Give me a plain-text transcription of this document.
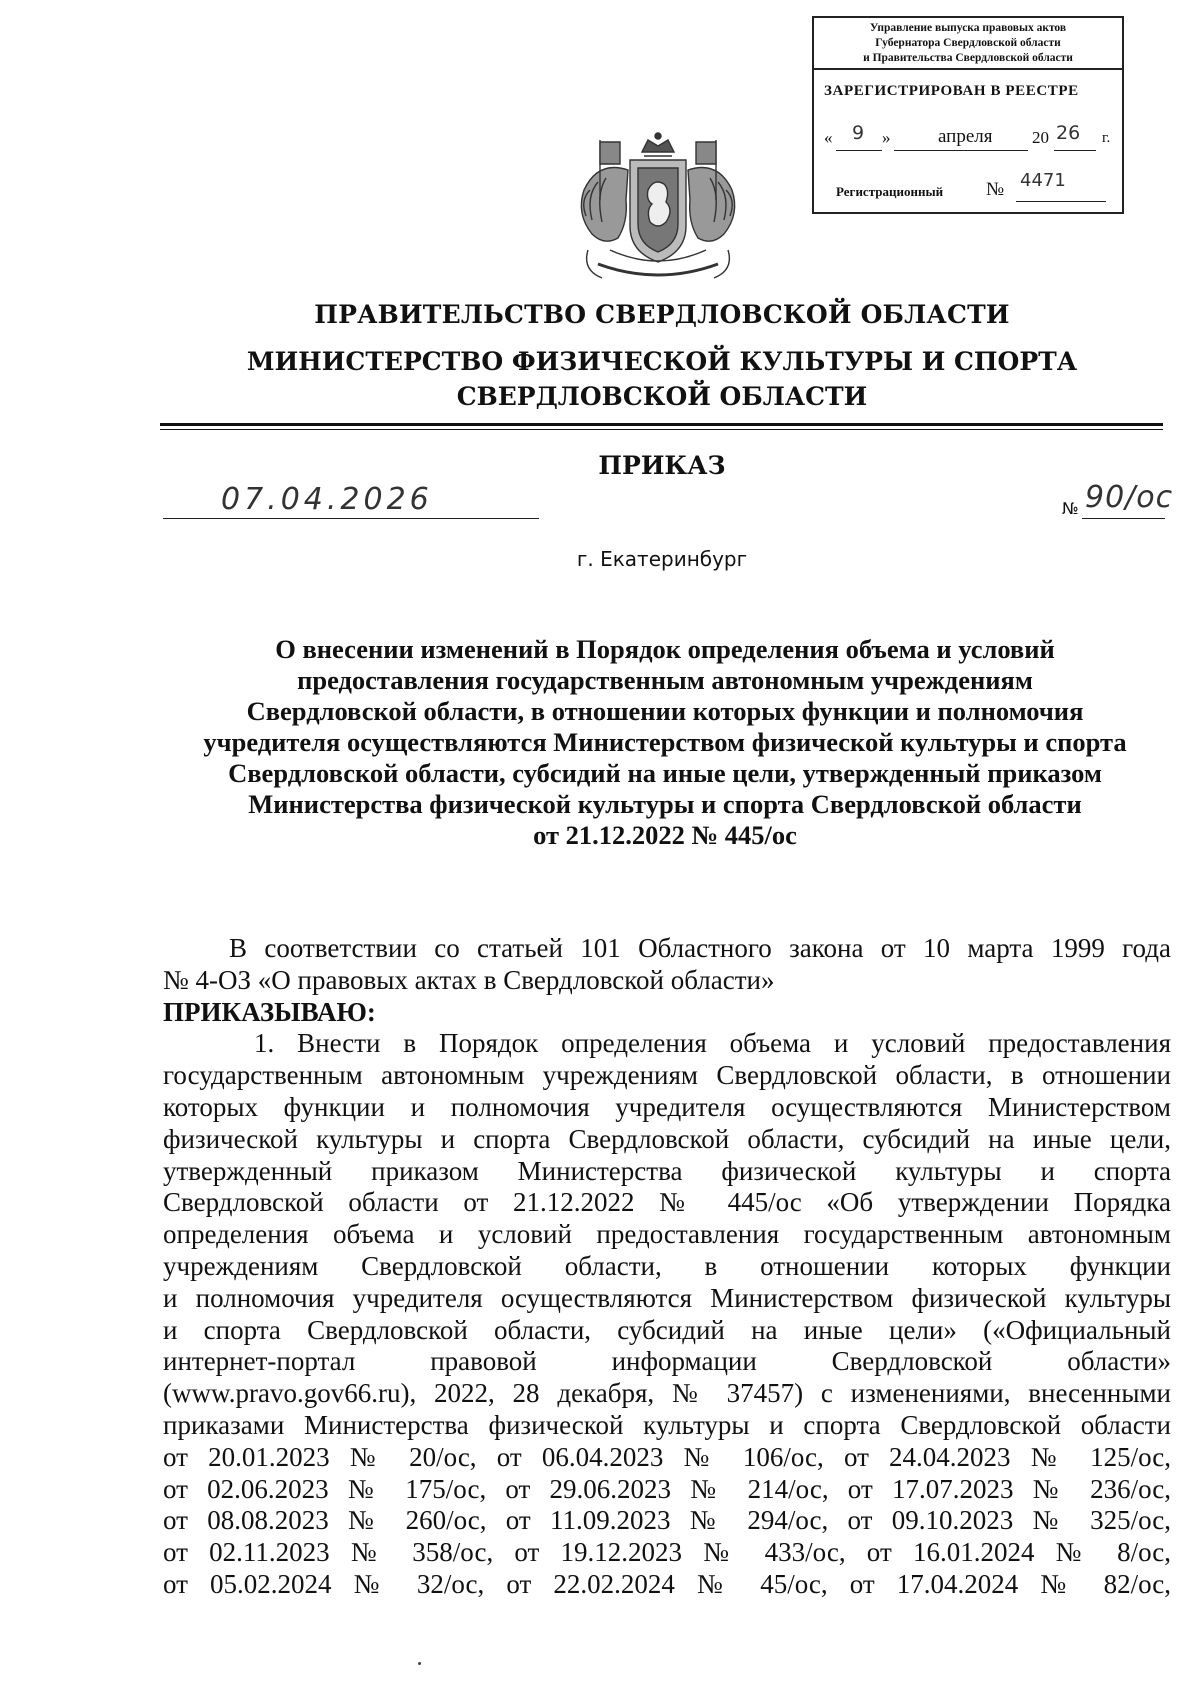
Управление выпуска правовых актов
Губернатора Свердловской области
и Правительства Свердловской области
ЗАРЕГИСТРИРОВАН В РЕЕСТРЕ
« 9 »	апреля 20 26 г.
Регистрационный № 4471
ПРАВИТЕЛЬСТВО СВЕРДЛОВСКОЙ ОБЛАСТИ
МИНИСТЕРСТВО ФИЗИЧЕСКОЙ КУЛЬТУРЫ И СПОРТА
СВЕРДЛОВСКОЙ ОБЛАСТИ
ПРИКАЗ
07.04.2026	№ 90/ос
г. Екатеринбург
О внесении изменений в Порядок определения объема и условий
предоставления государственным автономным учреждениям
Свердловской области, в отношении которых функции и полномочия
учредителя осуществляются Министерством физической культуры и спорта
Свердловской области, субсидий на иные цели, утвержденный приказом
Министерства физической культуры и спорта Свердловской области
от 21.12.2022 № 445/ос
В соответствии со статьей 101 Областного закона от 10 марта 1999 года
№ 4-ОЗ «О правовых актах в Свердловской области»
ПРИКАЗЫВАЮ:
1. Внести в Порядок определения объема и условий предоставления
государственным автономным учреждениям Свердловской области, в отношении
которых функции и полномочия учредителя осуществляются Министерством
физической культуры и спорта Свердловской области, субсидий на иные цели,
утвержденный приказом Министерства физической культуры и спорта
Свердловской области от 21.12.2022 № 445/ос «Об утверждении Порядка
определения объема и условий предоставления государственным автономным
учреждениям Свердловской области, в отношении которых функции
и полномочия учредителя осуществляются Министерством физической культуры
и спорта Свердловской области, субсидий на иные цели» («Официальный
интернет-портал правовой информации Свердловской области»
(www.pravo.gov66.ru), 2022, 28 декабря, № 37457) с изменениями, внесенными
приказами Министерства физической культуры и спорта Свердловской области
от 20.01.2023 № 20/ос, от 06.04.2023 № 106/ос, от 24.04.2023 № 125/ос,
от 02.06.2023 № 175/ос, от 29.06.2023 № 214/ос, от 17.07.2023 № 236/ос,
от 08.08.2023 № 260/ос, от 11.09.2023 № 294/ос, от 09.10.2023 № 325/ос,
от 02.11.2023 № 358/ос, от 19.12.2023 № 433/ос, от 16.01.2024 № 8/ос,
от 05.02.2024 № 32/ос, от 22.02.2024 № 45/ос, от 17.04.2024 № 82/ос,
